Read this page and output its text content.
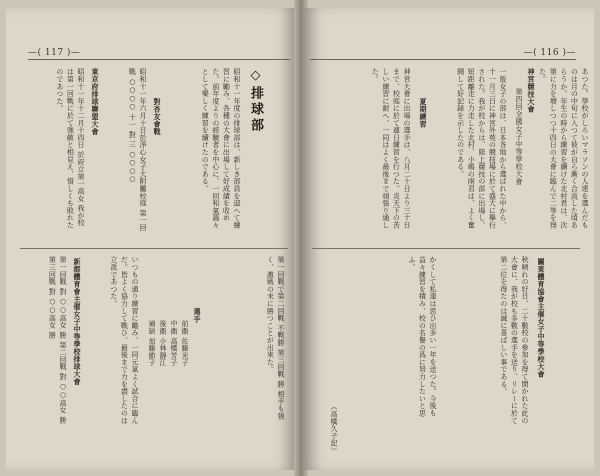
—( 117 )—
◇排球部
昭和十一年度の排球部は、新しき部員を迎へて練習に勵み、各種の大會に出場して好成績を收めた。前年度よりの經驗者を中心に、一同和氣藹々として樂しく練習を續けたのである。
對杏友會戰
昭和十一年六月十日於淨心女子大附屬校庭 第一回戰 ○○○○ 十一 對 三 ○○○○
東京府排球聯盟大會
昭和十一年十二月十四日 於府立第一高女 我が校は第一回戰に於て強敵と相見え、惜しくも敗れたのであつた。
第一回戰で第二回戰 不戰勝 第三回戰 勝 相手も強く、激戦の末に勝つことが出來た。
選手
前衞 佐藤光子
中衞 高橋芳子
後衞 小林靜江
補缺 加藤節子
いつもの通り練習に勵み、一同元氣よく試合に臨んだ。皆よく協力して戰ひ、最後まで力を盡したのは立派であつた。
新郡體育會主催女子中等學校排球大會
第一回戰 對 ○○高女 勝 第二回戰 對 ○○高女 勝 第三回戰 對 ○○高女 勝
—( 116 )—
あつた。學校がしろいマラソンの人達を選んだものは月の中旬に入つて彼が自ら漸く合流した頃あらうか。年生の時から練習を續けた北村君は、次第に力を増しつつ十四日の大會に臨んで二等を得た。
神宮競技大會
第四回全國女子中等學校大會
一般女子の部は、日本各地から選ばれた中から、十一月三日に神宮外苑の競技場に於て盛大に擧行された。我が校からは、陸上競技の部に出場し、短距離走に力走した北村、小嶋の兩君は、よく奮闘して好記録を示したのである。
夏期練習
神宮大會に出場の選手は、八月二十日より三十日まで、校庭に於て連日練習を行つた。炎天下の苦しい練習に耐へ、一同はよく最後まで頑張り通した。
關東體育協會主催女子中等學校大會
秋晴れの好日、二十數校の參加を得て開かれた此の大會に、我が校も多數の選手を送り、リレーに於て第二位を得たのは誠に喜ばしい事である。
かくして私達は思ひ出多い一年を送つた。今後も益々練習を積み、校の名譽の爲に努力したいと思ふ。
（高橋久子記）
